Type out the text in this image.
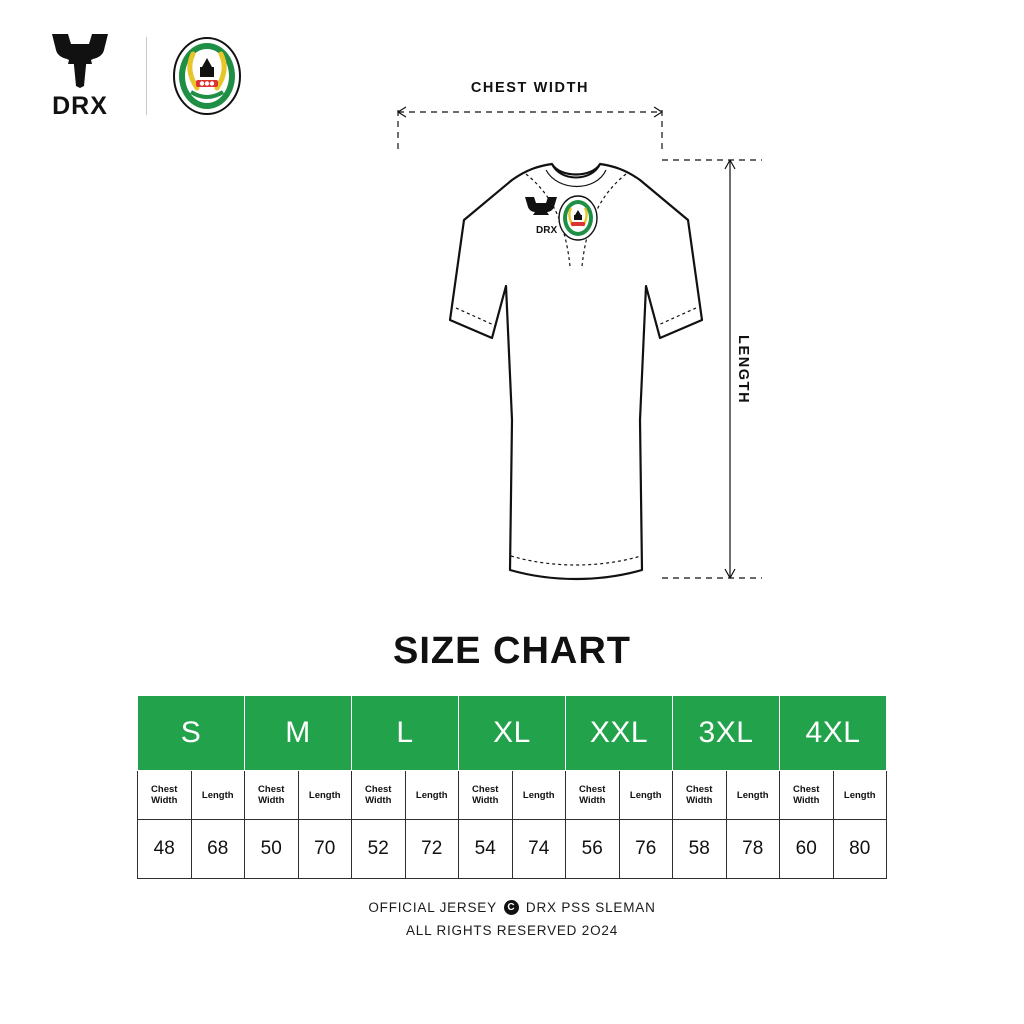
DRX
CHEST WIDTH
DRX
LENGTH
SIZE CHART
S		M		L		XL		XXL		3XL		4XL	
Chest Width	Length	Chest Width	Length	Chest Width	Length	Chest Width	Length	Chest Width	Length	Chest Width	Length	Chest Width	Length
48	68	50	70	52	72	54	74	56	76	58	78	60	80
OFFICIAL JERSEY	C DRX PSS SLEMAN
ALL RIGHTS RESERVED 2O24
